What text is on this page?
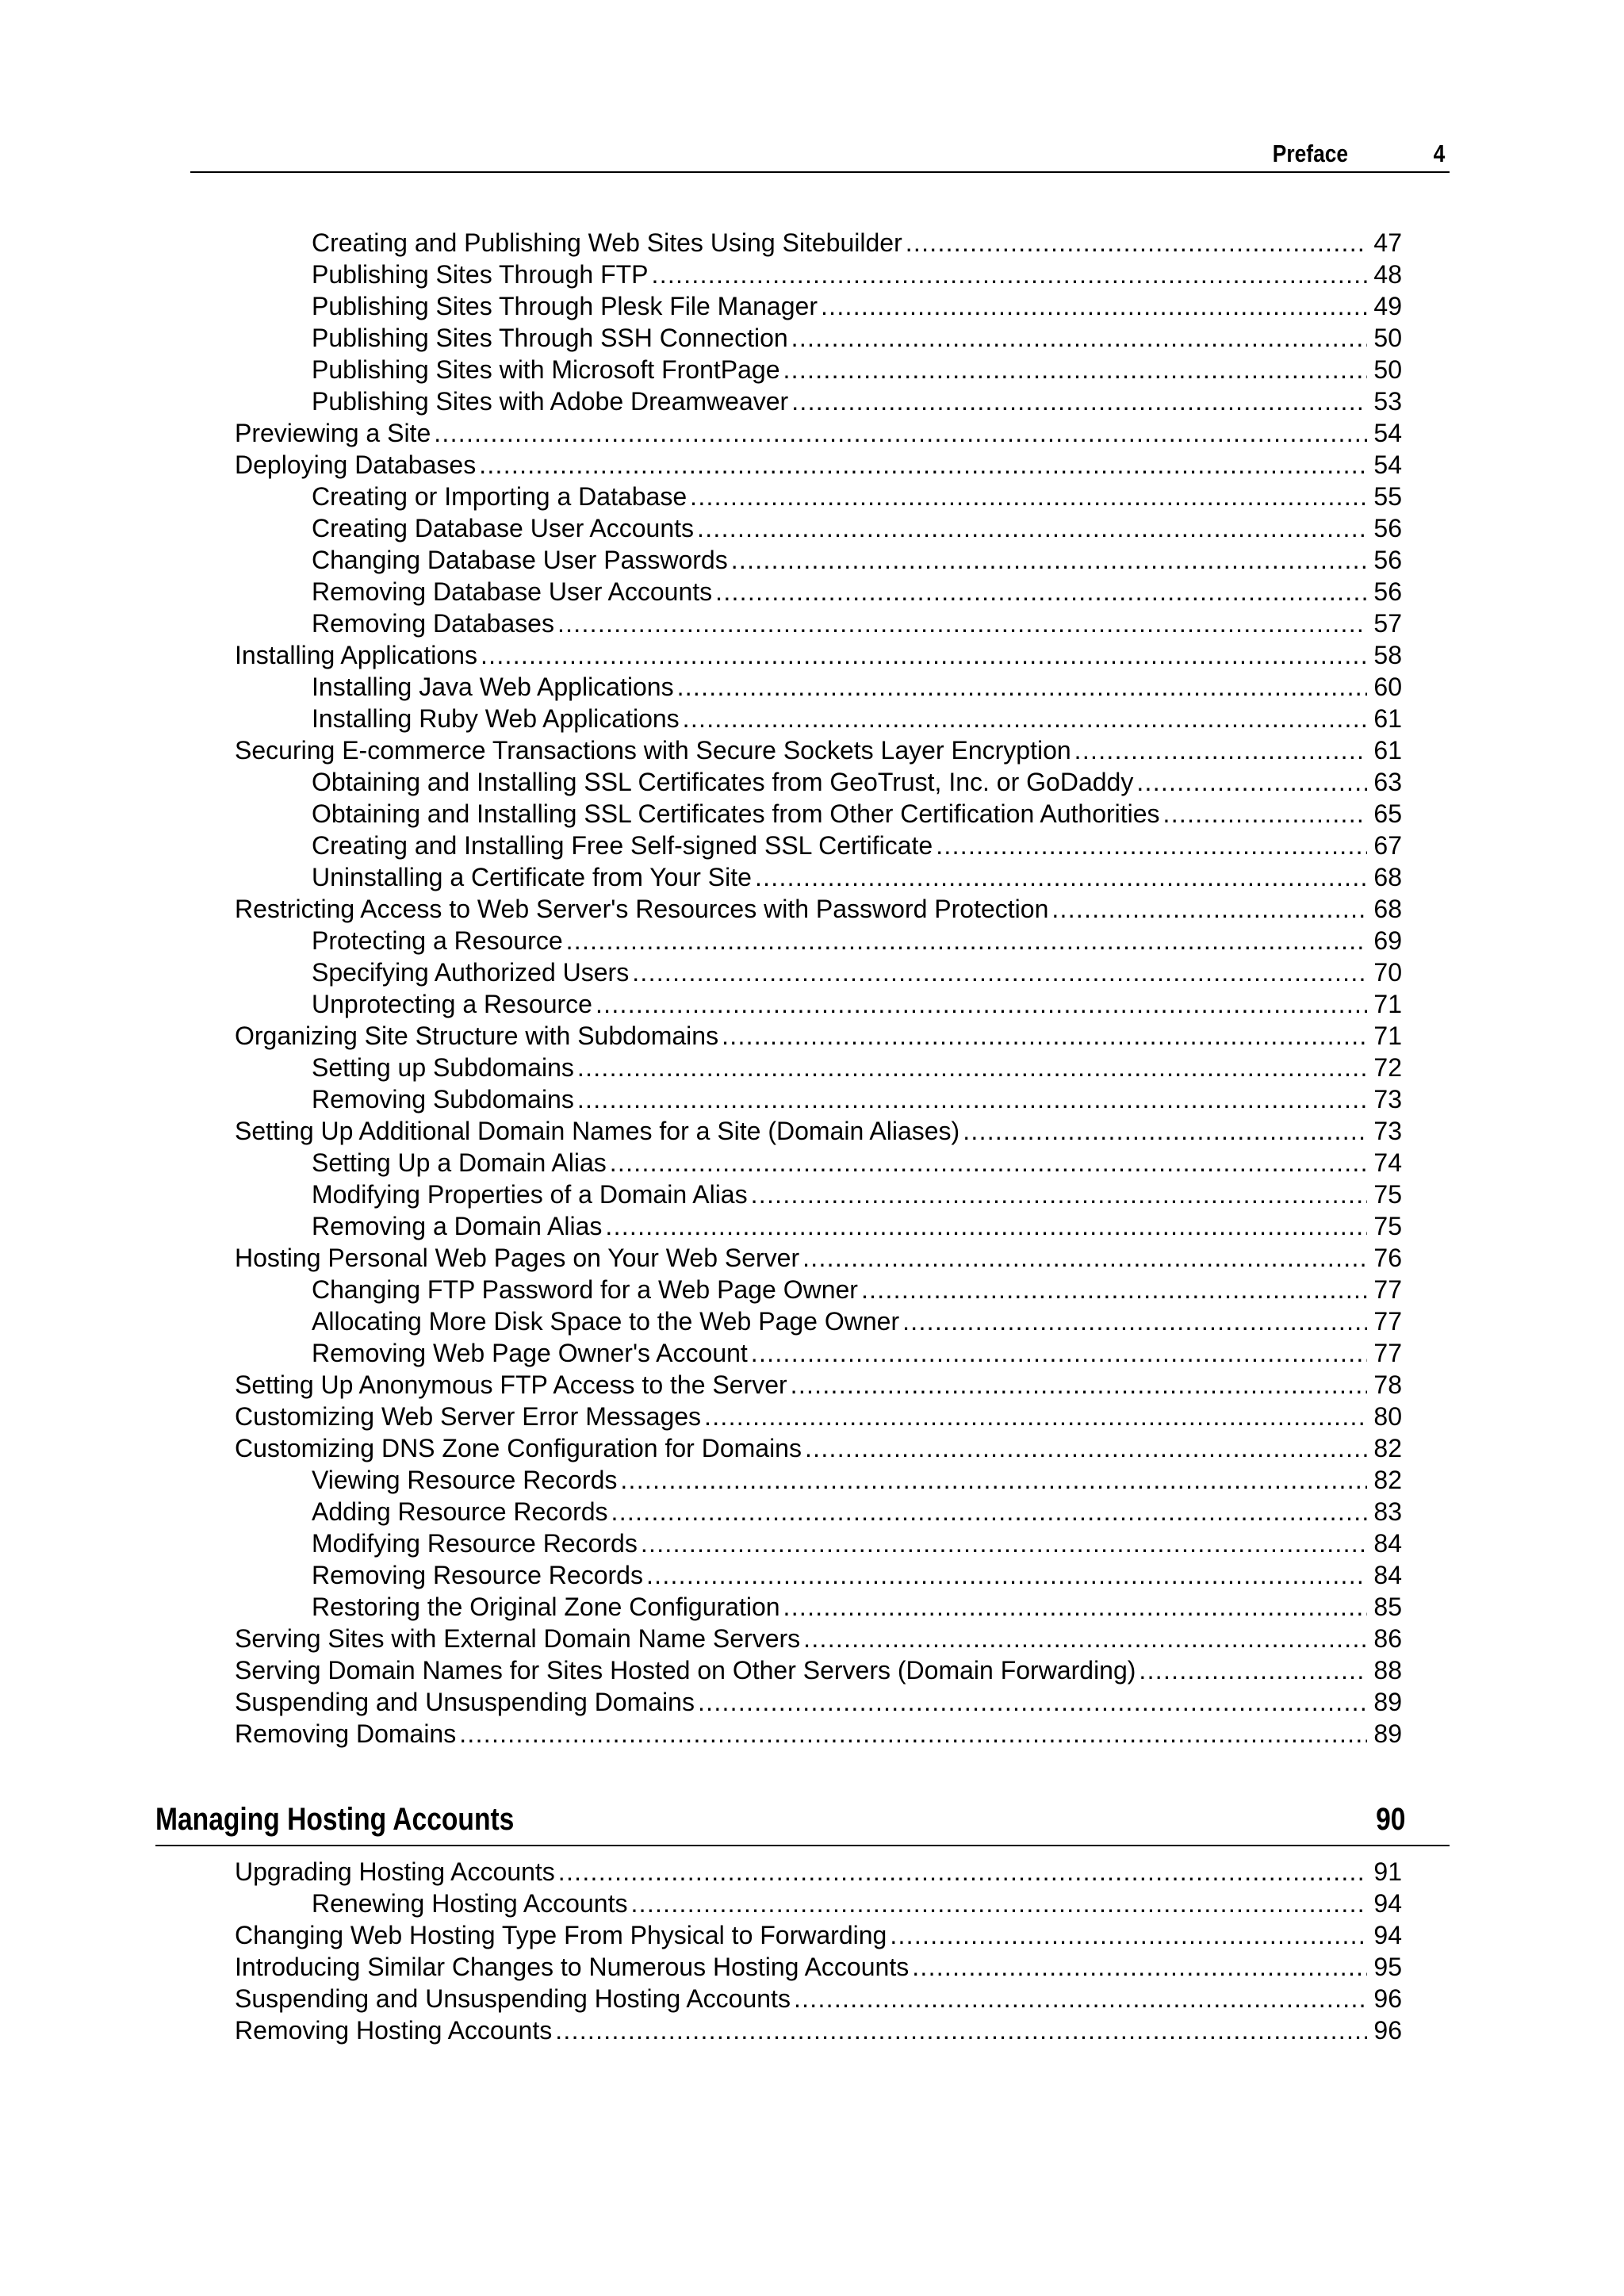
Preface	4
Creating and Publishing Web Sites Using Sitebuilder . . .	47
Publishing Sites Through FTP . . .	48
Publishing Sites Through Plesk File Manager . . .	49
Publishing Sites Through SSH Connection . . .	50
Publishing Sites with Microsoft FrontPage . . .	50
Publishing Sites with Adobe Dreamweaver . . .	53
Previewing a Site . . .	54
Deploying Databases . . .	54
Creating or Importing a Database . . .	55
Creating Database User Accounts . . .	56
Changing Database User Passwords . . .	56
Removing Database User Accounts . . .	56
Removing Databases . . .	57
Installing Applications . . .	58
Installing Java Web Applications . . .	60
Installing Ruby Web Applications . . .	61
Securing E-commerce Transactions with Secure Sockets Layer Encryption . . .	61
Obtaining and Installing SSL Certificates from GeoTrust, Inc. or GoDaddy . . .	63
Obtaining and Installing SSL Certificates from Other Certification Authorities . . .	65
Creating and Installing Free Self-signed SSL Certificate . . .	67
Uninstalling a Certificate from Your Site . . .	68
Restricting Access to Web Server's Resources with Password Protection . . .	68
Protecting a Resource . . .	69
Specifying Authorized Users . . .	70
Unprotecting a Resource . . .	71
Organizing Site Structure with Subdomains . . .	71
Setting up Subdomains . . .	72
Removing Subdomains . . .	73
Setting Up Additional Domain Names for a Site (Domain Aliases) . . .	73
Setting Up a Domain Alias . . .	74
Modifying Properties of a Domain Alias . . .	75
Removing a Domain Alias . . .	75
Hosting Personal Web Pages on Your Web Server . . .	76
Changing FTP Password for a Web Page Owner . . .	77
Allocating More Disk Space to the Web Page Owner . . .	77
Removing Web Page Owner's Account . . .	77
Setting Up Anonymous FTP Access to the Server . . .	78
Customizing Web Server Error Messages . . .	80
Customizing DNS Zone Configuration for Domains . . .	82
Viewing Resource Records . . .	82
Adding Resource Records . . .	83
Modifying Resource Records . . .	84
Removing Resource Records . . .	84
Restoring the Original Zone Configuration . . .	85
Serving Sites with External Domain Name Servers . . .	86
Serving Domain Names for Sites Hosted on Other Servers (Domain Forwarding) . . .	88
Suspending and Unsuspending Domains . . .	89
Removing Domains . . .	89
Managing Hosting Accounts	90
Upgrading Hosting Accounts . . .	91
Renewing Hosting Accounts . . .	94
Changing Web Hosting Type From Physical to Forwarding . . .	94
Introducing Similar Changes to Numerous Hosting Accounts . . .	95
Suspending and Unsuspending Hosting Accounts . . .	96
Removing Hosting Accounts . . .	96
